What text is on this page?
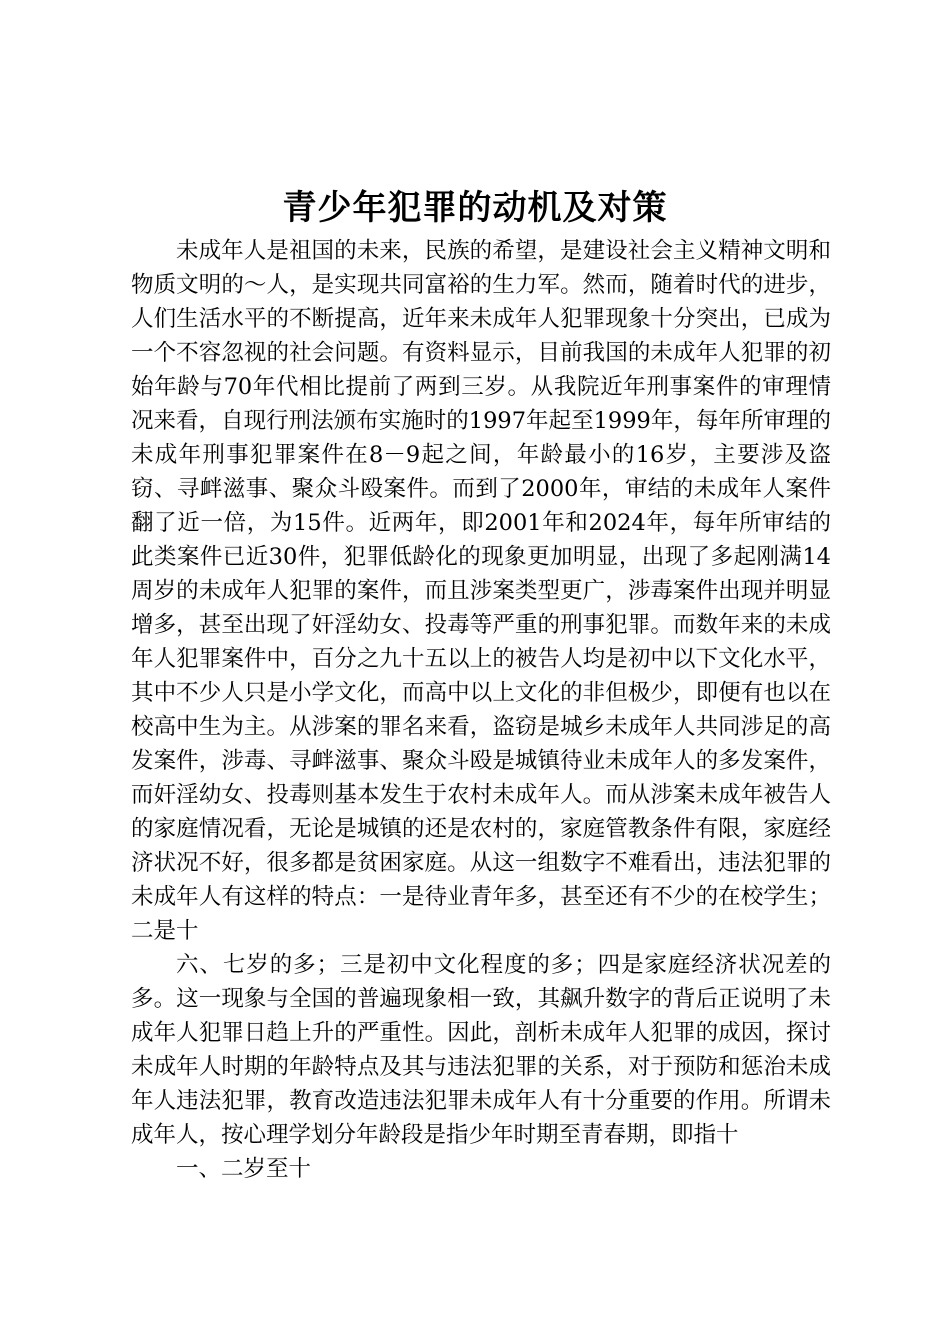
青少年犯罪的动机及对策

未成年人是祖国的未来，民族的希望，是建设社会主义精神文明和物质文明的～人，是实现共同富裕的生力军。然而，随着时代的进步，人们生活水平的不断提高，近年来未成年人犯罪现象十分突出，已成为一个不容忽视的社会问题。有资料显示，目前我国的未成年人犯罪的初始年龄与70年代相比提前了两到三岁。从我院近年刑事案件的审理情况来看，自现行刑法颁布实施时的1997年起至1999年，每年所审理的未成年刑事犯罪案件在8－9起之间，年龄最小的16岁，主要涉及盗窃、寻衅滋事、聚众斗殴案件。而到了2000年，审结的未成年人案件翻了近一倍，为15件。近两年，即2001年和2024年，每年所审结的此类案件已近30件，犯罪低龄化的现象更加明显，出现了多起刚满14周岁的未成年人犯罪的案件，而且涉案类型更广，涉毒案件出现并明显增多，甚至出现了奸淫幼女、投毒等严重的刑事犯罪。而数年来的未成年人犯罪案件中，百分之九十五以上的被告人均是初中以下文化水平，其中不少人只是小学文化，而高中以上文化的非但极少，即便有也以在校高中生为主。从涉案的罪名来看，盗窃是城乡未成年人共同涉足的高发案件，涉毒、寻衅滋事、聚众斗殴是城镇待业未成年人的多发案件，而奸淫幼女、投毒则基本发生于农村未成年人。而从涉案未成年被告人的家庭情况看，无论是城镇的还是农村的，家庭管教条件有限，家庭经济状况不好，很多都是贫困家庭。从这一组数字不难看出，违法犯罪的未成年人有这样的特点：一是待业青年多，甚至还有不少的在校学生；二是十

六、七岁的多；三是初中文化程度的多；四是家庭经济状况差的多。这一现象与全国的普遍现象相一致，其飙升数字的背后正说明了未成年人犯罪日趋上升的严重性。因此，剖析未成年人犯罪的成因，探讨未成年人时期的年龄特点及其与违法犯罪的关系，对于预防和惩治未成年人违法犯罪，教育改造违法犯罪未成年人有十分重要的作用。所谓未成年人，按心理学划分年龄段是指少年时期至青春期，即指十

一、二岁至十
